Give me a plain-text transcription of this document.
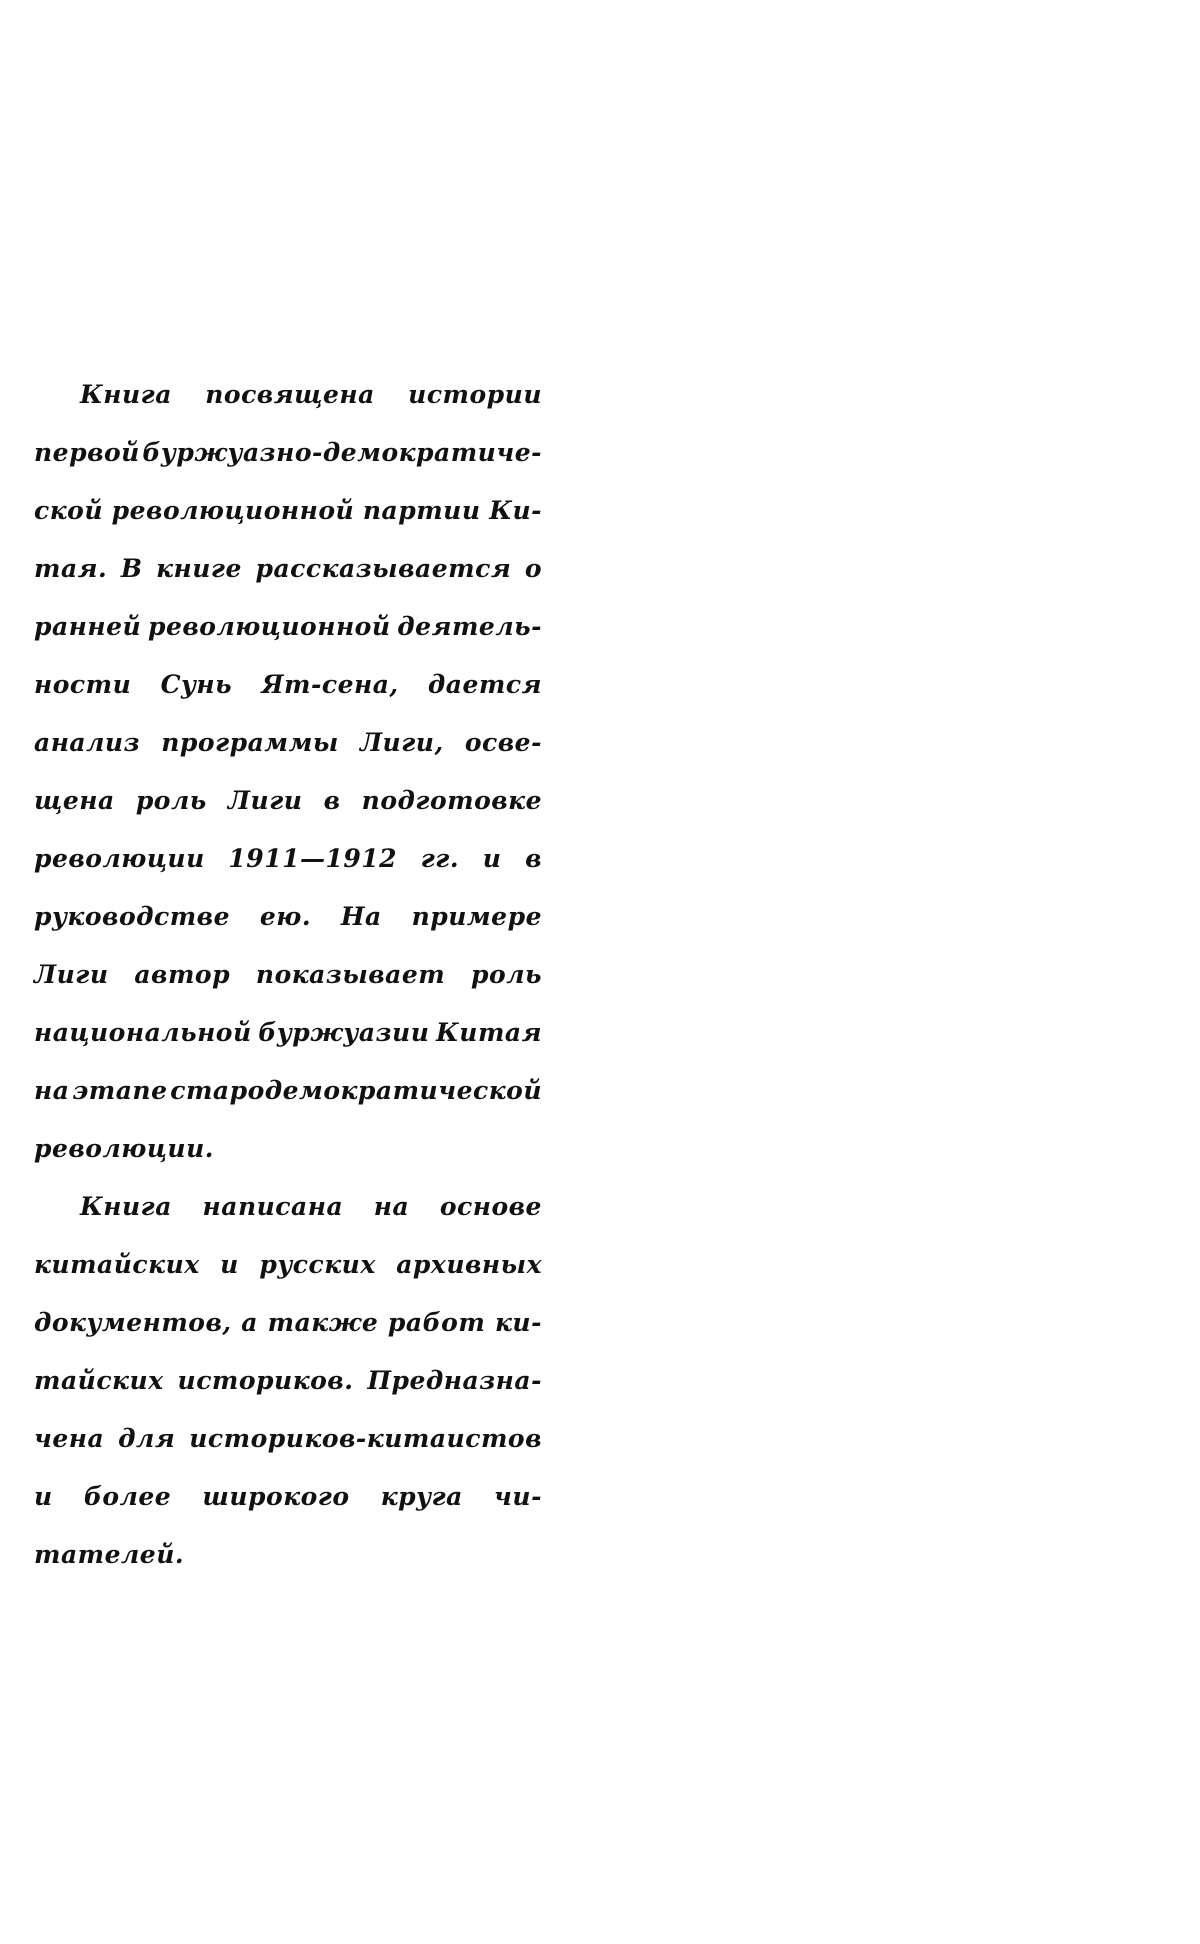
Книга посвящена истории
первой буржуазно-демократиче-
ской революционной партии Ки-
тая. В книге рассказывается о
ранней революционной деятель-
ности Сунь Ят-сена, дается
анализ программы Лиги, осве-
щена роль Лиги в подготовке
революции 1911—1912 гг. и в
руководстве ею. На примере
Лиги автор показывает роль
национальной буржуазии Китая
на этапе стародемократической
революции.
Книга написана на основе
китайских и русских архивных
документов, а также работ ки-
тайских историков. Предназна-
чена для историков-китаистов
и более широкого круга чи-
тателей.
